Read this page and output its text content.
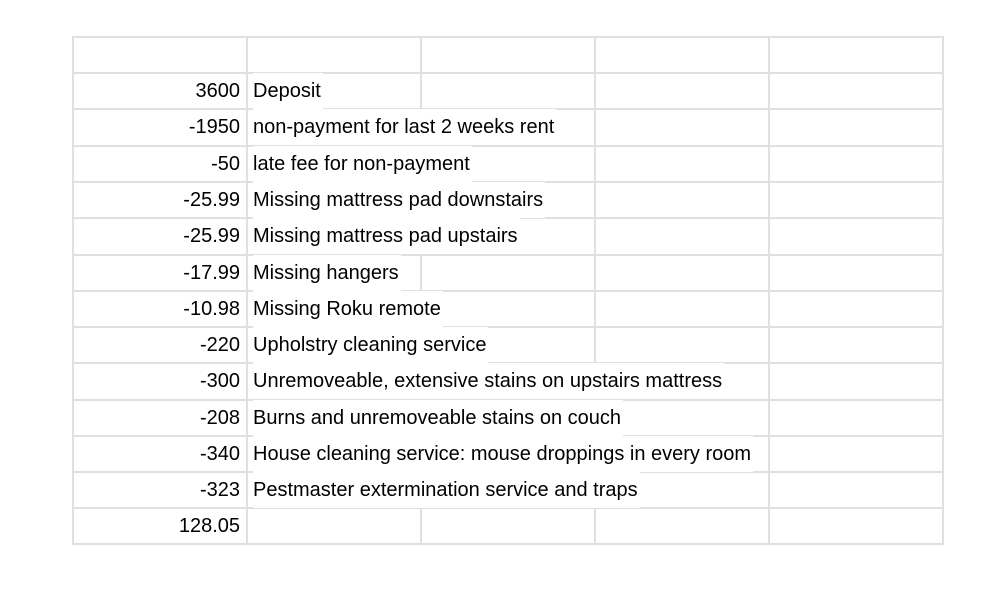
3600
-1950
-50
-25.99
-25.99
-17.99
-10.98
-220
-300
-208
-340
-323
128.05
Deposit
non-payment for last 2 weeks rent
late fee for non-payment
Missing mattress pad downstairs
Missing mattress pad upstairs
Missing hangers
Missing Roku remote
Upholstry cleaning service
Unremoveable, extensive stains on upstairs mattress
Burns and unremoveable stains on couch
House cleaning service: mouse droppings in every room
Pestmaster extermination service and traps
